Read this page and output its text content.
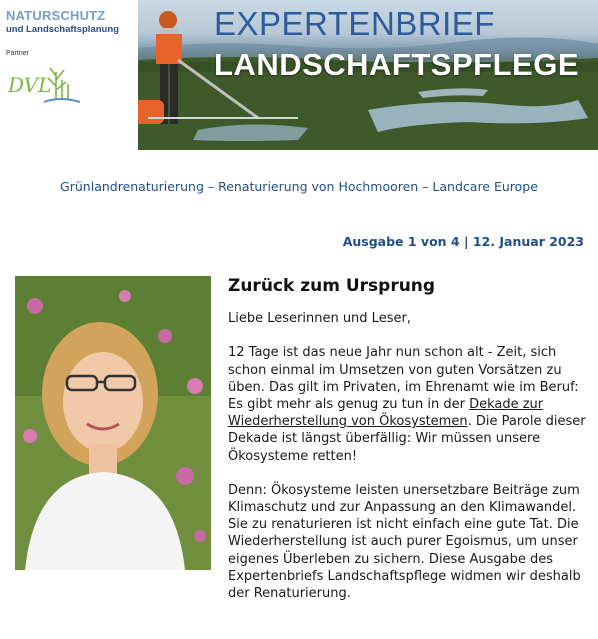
NATURSCHUTZ
und Landschaftsplanung
Partner
DVL
EXPERTENBRIEF
LANDSCHAFTSPFLEGE
Grünlandrenaturierung – Renaturierung von Hochmooren – Landcare Europe
Ausgabe 1 von 4 | 12. Januar 2023
Zurück zum Ursprung

Liebe Leserinnen und Leser,

12 Tage ist das neue Jahr nun schon alt - Zeit, sich schon einmal im Umsetzen von guten Vorsätzen zu üben. Das gilt im Privaten, im Ehrenamt wie im Beruf: Es gibt mehr als genug zu tun in der Dekade zur Wiederherstellung von Ökosystemen. Die Parole dieser Dekade ist längst überfällig: Wir müssen unsere Ökosysteme retten!

Denn: Ökosysteme leisten unersetzbare Beiträge zum Klimaschutz und zur Anpassung an den Klimawandel. Sie zu renaturieren ist nicht einfach eine gute Tat. Die Wiederherstellung ist auch purer Egoismus, um unser eigenes Überleben zu sichern. Diese Ausgabe des Expertenbriefs Landschaftspflege widmen wir deshalb der Renaturierung.
